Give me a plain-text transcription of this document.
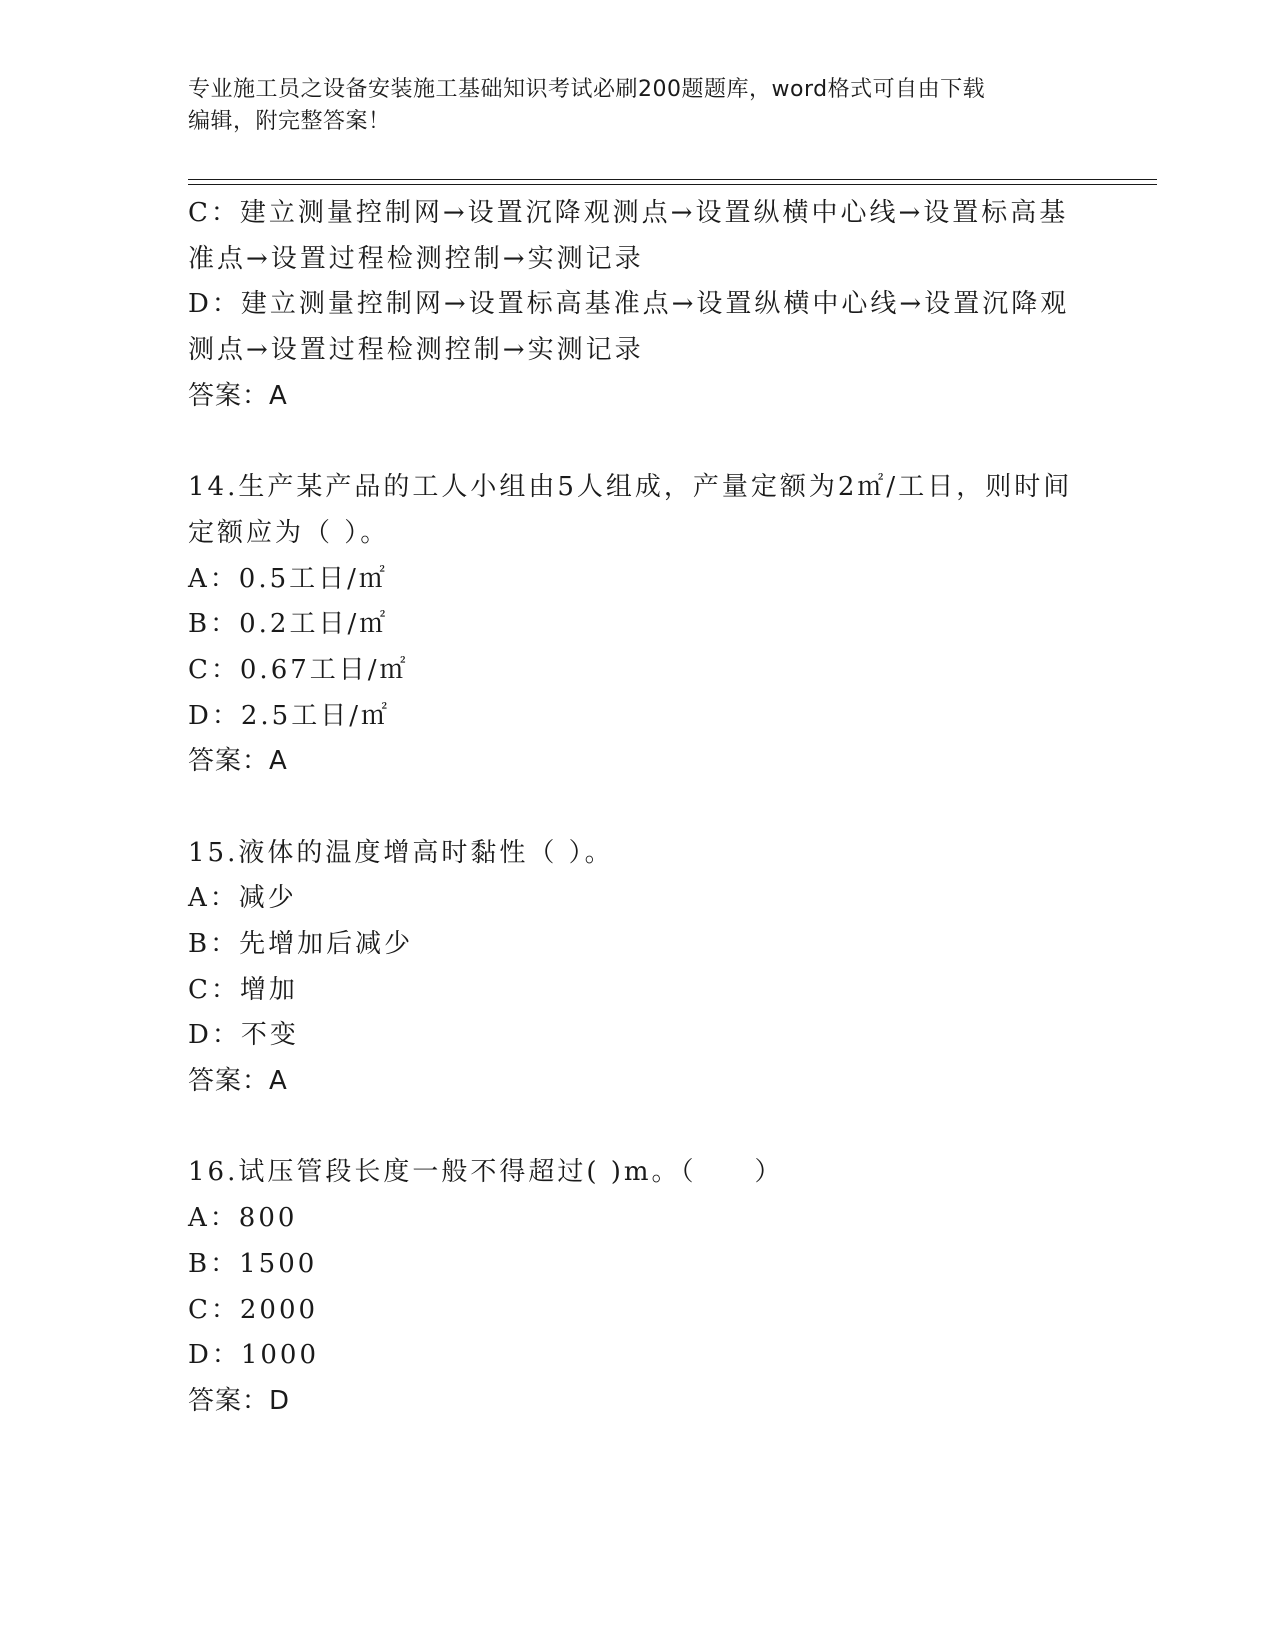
专业施工员之设备安装施工基础知识考试必刷200题题库，word格式可自由下载
编辑，附完整答案！
C：建立测量控制网→设置沉降观测点→设置纵横中心线→设置标高基
准点→设置过程检测控制→实测记录
D：建立测量控制网→设置标高基准点→设置纵横中心线→设置沉降观
测点→设置过程检测控制→实测记录
答案：A
14.生产某产品的工人小组由5人组成，产量定额为2㎡/工日，则时间
定额应为（ ）。
A：0.5工日/㎡
B：0.2工日/㎡
C：0.67工日/㎡
D：2.5工日/㎡
答案：A
15.液体的温度增高时黏性（ ）。
A：减少
B：先增加后减少
C：增加
D：不变
答案：A
16.试压管段长度一般不得超过( )m。（　　）
A：800
B：1500
C：2000
D：1000
答案：D
